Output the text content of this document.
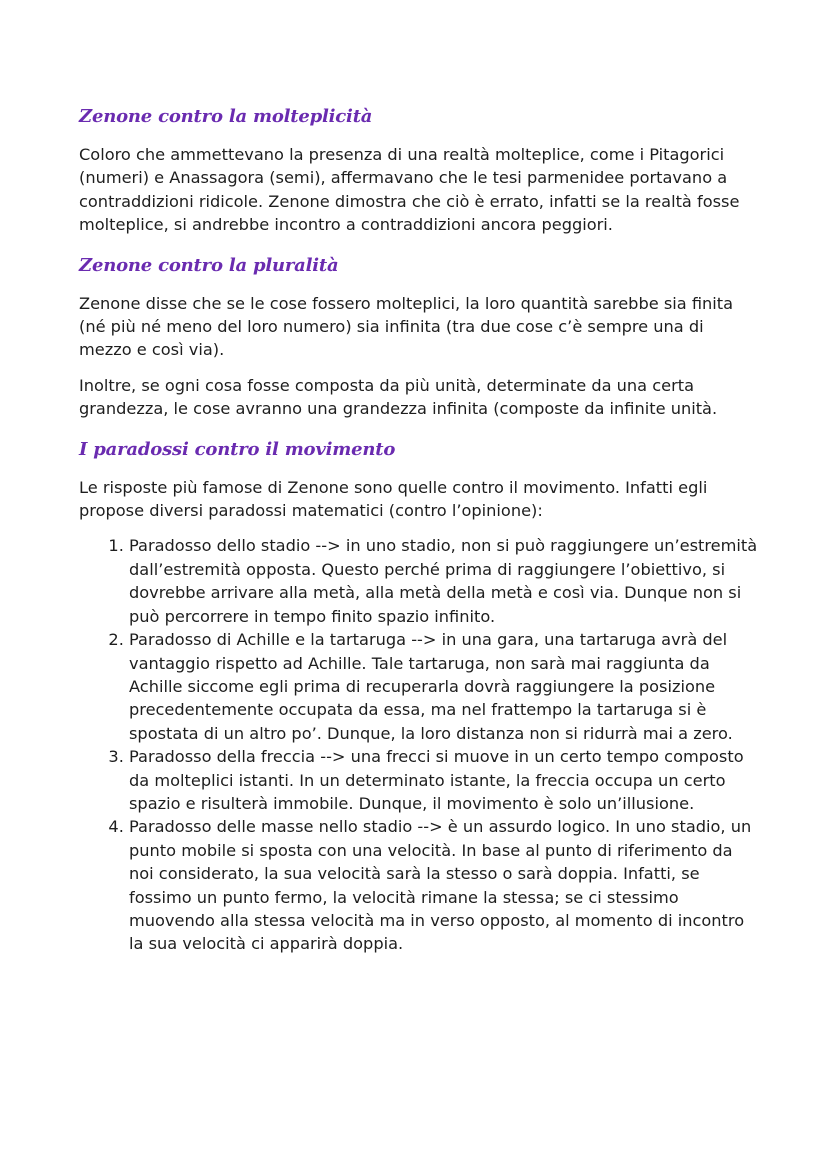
Zenone contro la molteplicità

Coloro che ammettevano la presenza di una realtà molteplice, come i Pitagorici (numeri) e Anassagora (semi), affermavano che le tesi parmenidee portavano a contraddizioni ridicole. Zenone dimostra che ciò è errato, infatti se la realtà fosse molteplice, si andrebbe incontro a contraddizioni ancora peggiori.

Zenone contro la pluralità

Zenone disse che se le cose fossero molteplici, la loro quantità sarebbe sia finita (né più né meno del loro numero) sia infinita (tra due cose c’è sempre una di mezzo e così via).

Inoltre, se ogni cosa fosse composta da più unità, determinate da una certa grandezza, le cose avranno una grandezza infinita (composte da infinite unità.

I paradossi contro il movimento

Le risposte più famose di Zenone sono quelle contro il movimento. Infatti egli propose diversi paradossi matematici (contro l’opinione):

1. Paradosso dello stadio --> in uno stadio, non si può raggiungere un’estremità dall’estremità opposta. Questo perché prima di raggiungere l’obiettivo, si dovrebbe arrivare alla metà, alla metà della metà e così via. Dunque non si può percorrere in tempo finito spazio infinito.
2. Paradosso di Achille e la tartaruga --> in una gara, una tartaruga avrà del vantaggio rispetto ad Achille. Tale tartaruga, non sarà mai raggiunta da Achille siccome egli prima di recuperarla dovrà raggiungere la posizione precedentemente occupata da essa, ma nel frattempo la tartaruga si è spostata di un altro po’. Dunque, la loro distanza non si ridurrà mai a zero.
3. Paradosso della freccia --> una frecci si muove in un certo tempo composto da molteplici istanti. In un determinato istante, la freccia occupa un certo spazio e risulterà immobile. Dunque, il movimento è solo un’illusione.
4. Paradosso delle masse nello stadio --> è un assurdo logico. In uno stadio, un punto mobile si sposta con una velocità. In base al punto di riferimento da noi considerato, la sua velocità sarà la stesso o sarà doppia. Infatti, se fossimo un punto fermo, la velocità rimane la stessa; se ci stessimo muovendo alla stessa velocità ma in verso opposto, al momento di incontro la sua velocità ci apparirà doppia.
